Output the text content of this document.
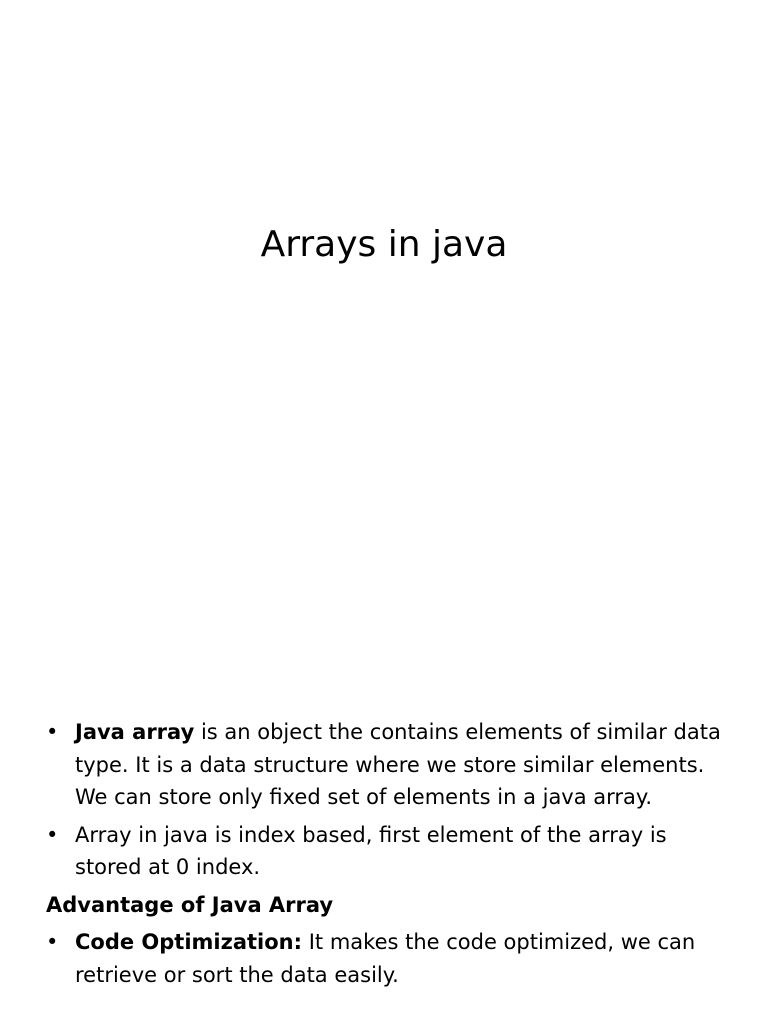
Arrays in java
• Java array is an object the contains elements of similar data type. It is a data structure where we store similar elements. We can store only fixed set of elements in a java array.
• Array in java is index based, first element of the array is stored at 0 index.
Advantage of Java Array
• Code Optimization: It makes the code optimized, we can retrieve or sort the data easily.
